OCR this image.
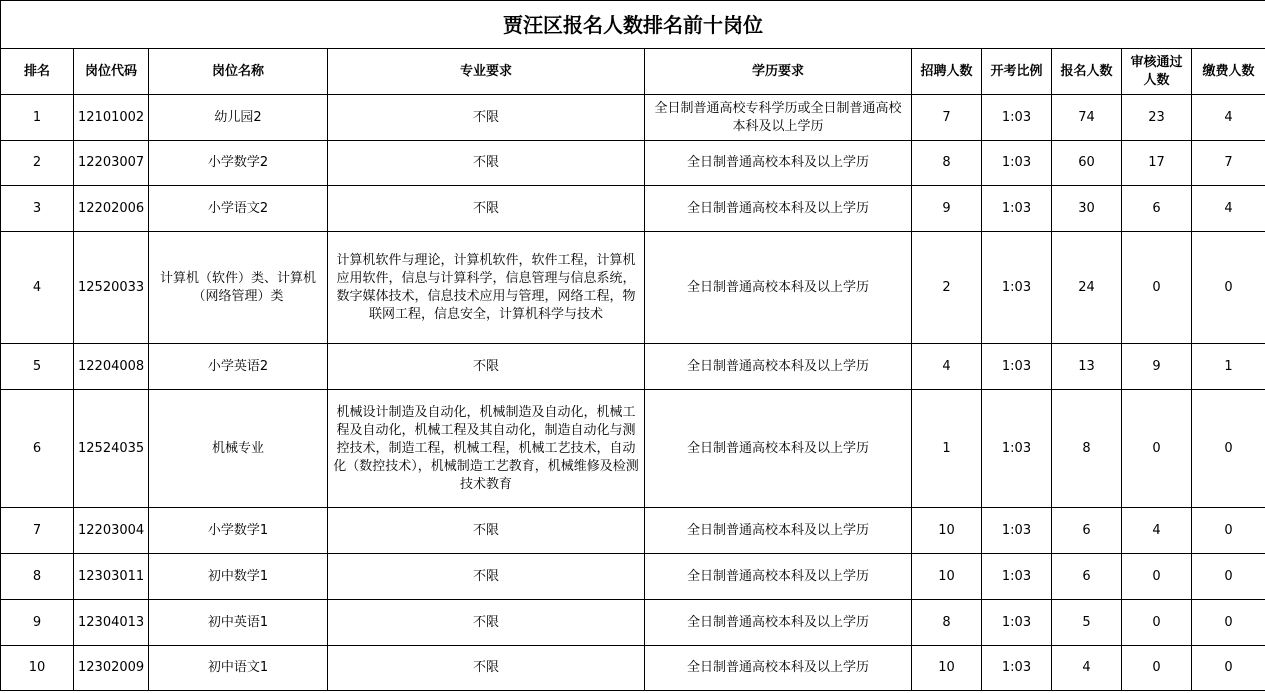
贾汪区报名人数排名前十岗位									
排名	岗位代码	岗位名称	专业要求	学历要求	招聘人数	开考比例	报名人数	审核通过人数	缴费人数
1	12101002	幼儿园2	不限	全日制普通高校专科学历或全日制普通高校本科及以上学历	7	1:03	74	23	4
2	12203007	小学数学2	不限	全日制普通高校本科及以上学历	8	1:03	60	17	7
3	12202006	小学语文2	不限	全日制普通高校本科及以上学历	9	1:03	30	6	4
4	12520033	计算机（软件）类、计算机（网络管理）类	计算机软件与理论，计算机软件，软件工程，计算机应用软件，信息与计算科学，信息管理与信息系统，数字媒体技术，信息技术应用与管理，网络工程，物联网工程，信息安全，计算机科学与技术	全日制普通高校本科及以上学历	2	1:03	24	0	0
5	12204008	小学英语2	不限	全日制普通高校本科及以上学历	4	1:03	13	9	1
6	12524035	机械专业	机械设计制造及自动化，机械制造及自动化，机械工程及自动化，机械工程及其自动化，制造自动化与测控技术，制造工程，机械工程，机械工艺技术，自动化（数控技术），机械制造工艺教育，机械维修及检测技术教育	全日制普通高校本科及以上学历	1	1:03	8	0	0
7	12203004	小学数学1	不限	全日制普通高校本科及以上学历	10	1:03	6	4	0
8	12303011	初中数学1	不限	全日制普通高校本科及以上学历	10	1:03	6	0	0
9	12304013	初中英语1	不限	全日制普通高校本科及以上学历	8	1:03	5	0	0
10	12302009	初中语文1	不限	全日制普通高校本科及以上学历	10	1:03	4	0	0
